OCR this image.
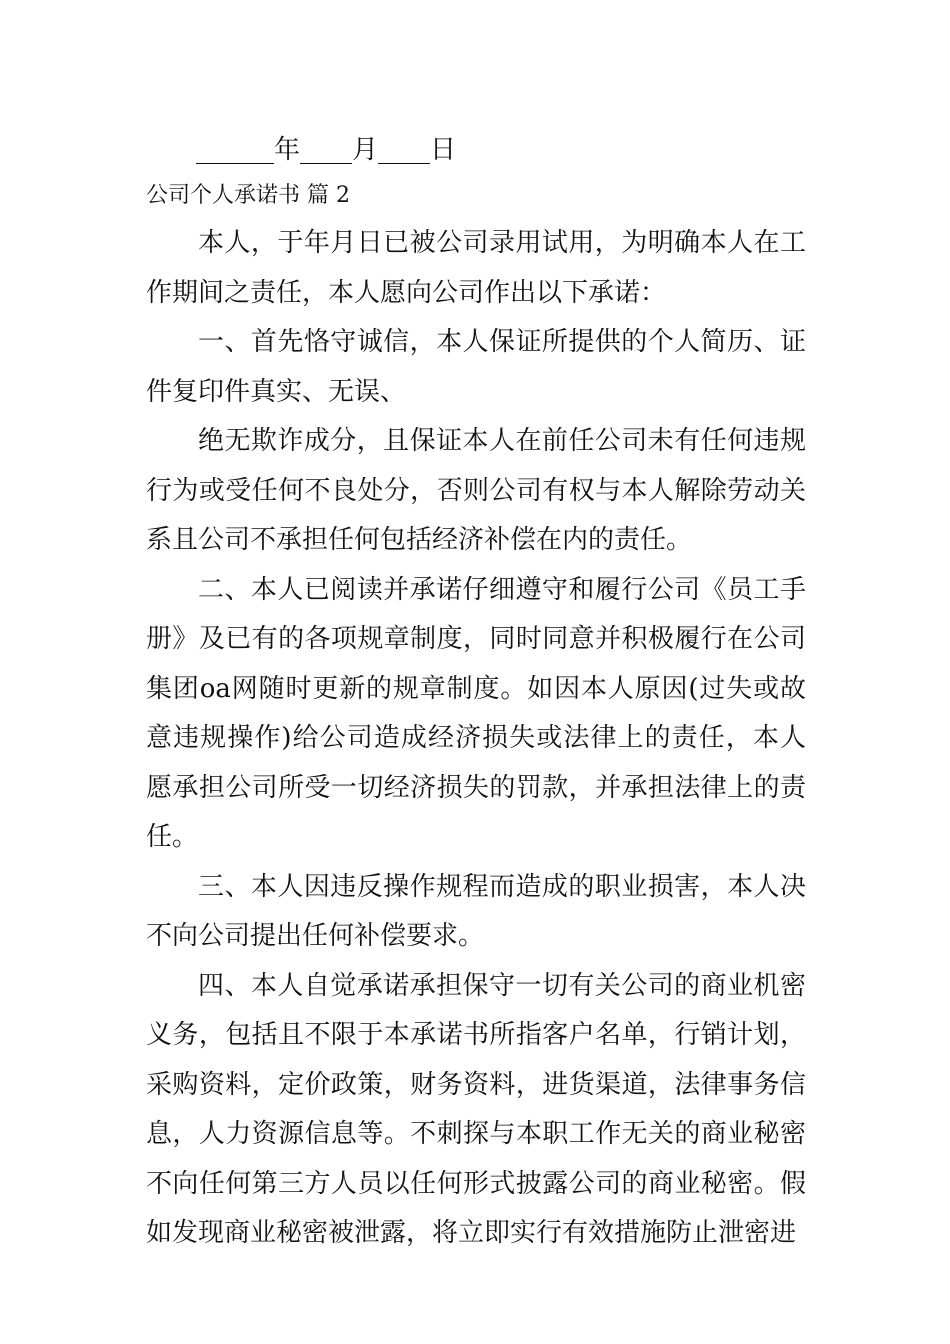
______年____月____日
公司个人承诺书 篇 2

本人，于年月日已被公司录用试用，为明确本人在工作期间之责任，本人愿向公司作出以下承诺：

一、首先恪守诚信，本人保证所提供的个人简历、证件复印件真实、无误、

绝无欺诈成分，且保证本人在前任公司未有任何违规行为或受任何不良处分，否则公司有权与本人解除劳动关系且公司不承担任何包括经济补偿在内的责任。

二、本人已阅读并承诺仔细遵守和履行公司《员工手册》及已有的各项规章制度，同时同意并积极履行在公司集团oa网随时更新的规章制度。如因本人原因(过失或故意违规操作)给公司造成经济损失或法律上的责任，本人愿承担公司所受一切经济损失的罚款，并承担法律上的责任。

三、本人因违反操作规程而造成的职业损害，本人决不向公司提出任何补偿要求。

四、本人自觉承诺承担保守一切有关公司的商业机密义务，包括且不限于本承诺书所指客户名单，行销计划，采购资料，定价政策，财务资料，进货渠道，法律事务信息，人力资源信息等。不刺探与本职工作无关的商业秘密不向任何第三方人员以任何形式披露公司的商业秘密。假如发现商业秘密被泄露，将立即实行有效措施防止泄密进
